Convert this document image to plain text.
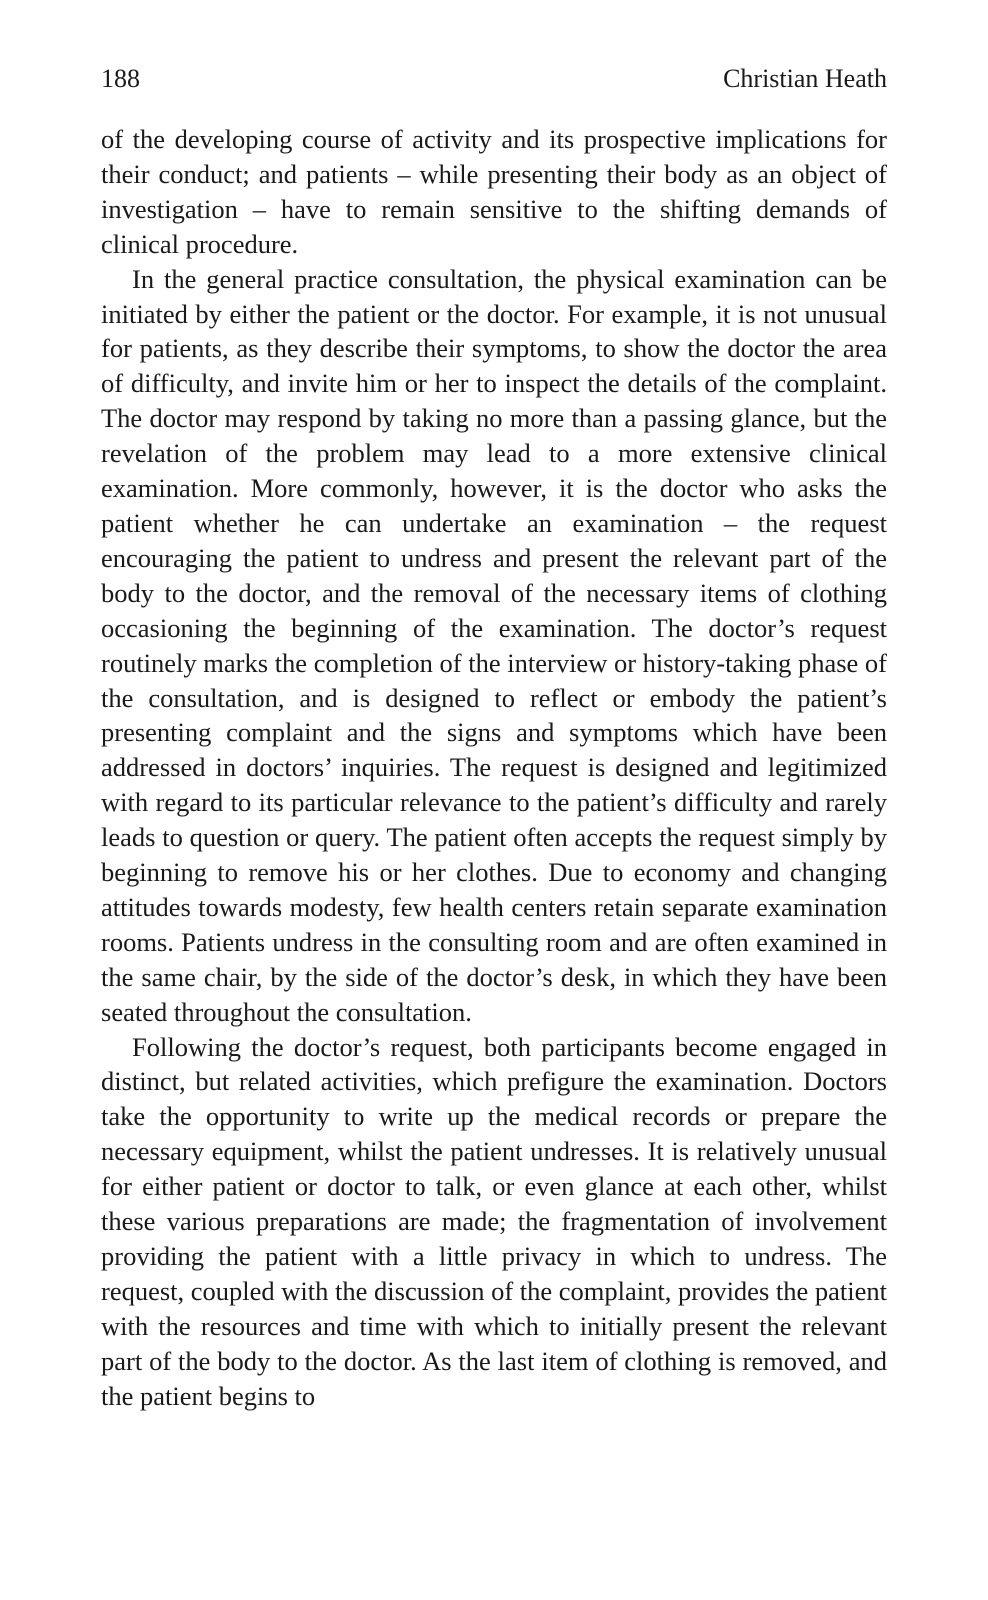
188	Christian Heath

of the developing course of activity and its prospective implications for their conduct; and patients – while presenting their body as an object of investigation – have to remain sensitive to the shifting demands of clinical procedure.

In the general practice consultation, the physical examination can be initiated by either the patient or the doctor. For example, it is not unusual for patients, as they describe their symptoms, to show the doctor the area of difficulty, and invite him or her to inspect the details of the complaint. The doctor may respond by taking no more than a passing glance, but the revelation of the problem may lead to a more extensive clinical examination. More commonly, however, it is the doctor who asks the patient whether he can undertake an examination – the request encouraging the patient to undress and present the relevant part of the body to the doctor, and the removal of the necessary items of clothing occasioning the beginning of the examination. The doctor’s request routinely marks the completion of the interview or history-taking phase of the consultation, and is designed to reflect or embody the patient’s presenting complaint and the signs and symptoms which have been addressed in doctors’ inquiries. The request is designed and legitimized with regard to its particular relevance to the patient’s difficulty and rarely leads to question or query. The patient often accepts the request simply by beginning to remove his or her clothes. Due to economy and changing attitudes towards modesty, few health centers retain separate examination rooms. Patients undress in the consulting room and are often examined in the same chair, by the side of the doctor’s desk, in which they have been seated throughout the consultation.

Following the doctor’s request, both participants become engaged in distinct, but related activities, which prefigure the examination. Doctors take the opportunity to write up the medical records or prepare the necessary equipment, whilst the patient undresses. It is relatively unusual for either patient or doctor to talk, or even glance at each other, whilst these various preparations are made; the fragmentation of involvement providing the patient with a little privacy in which to undress. The request, coupled with the discussion of the complaint, provides the patient with the resources and time with which to initially present the relevant part of the body to the doctor. As the last item of clothing is removed, and the patient begins to
